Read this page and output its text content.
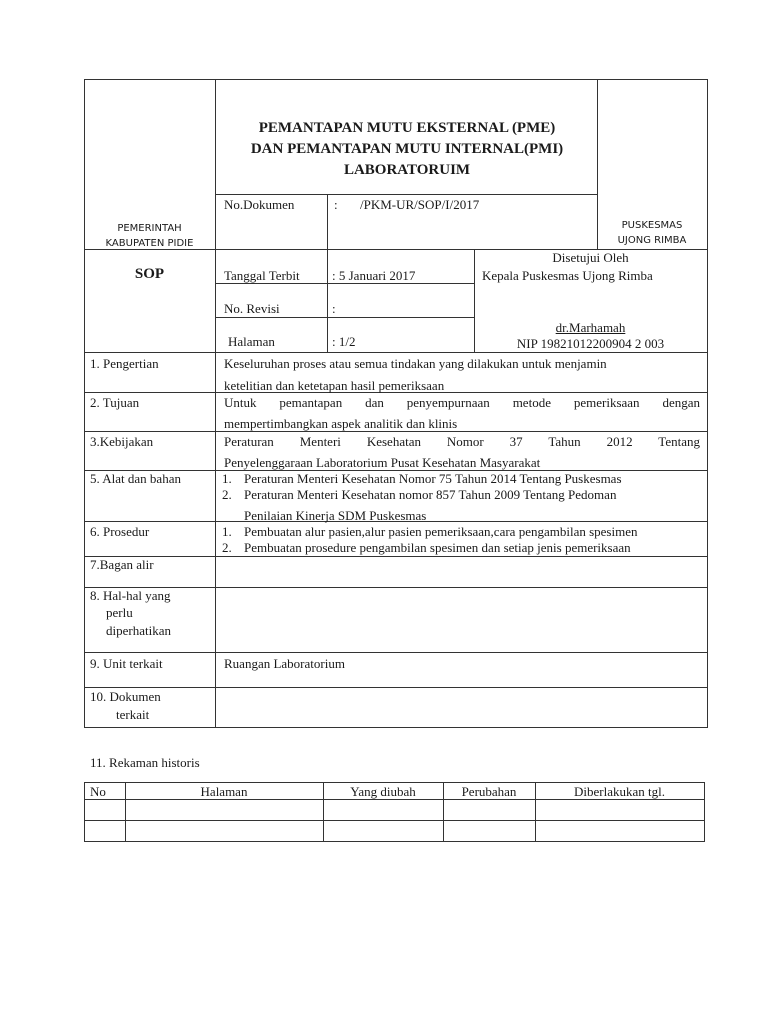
PEMANTAPAN MUTU EKSTERNAL (PME)
DAN PEMANTAPAN MUTU INTERNAL(PMI)
LABORATORUIM
PEMERINTAH
KABUPATEN PIDIE
PUSKESMAS
UJONG RIMBA
No.Dokumen	: /PKM-UR/SOP/I/2017
SOP	Tanggal Terbit : 5 Januari 2017
No. Revisi	:
Halaman	: 1/2
Disetujui Oleh
Kepala Puskesmas Ujong Rimba
dr.Marhamah
NIP 19821012200904 2 003
1. Pengertian	Keseluruhan proses atau semua tindakan yang dilakukan untuk menjamin
ketelitian dan ketetapan hasil pemeriksaan
2. Tujuan	Untuk pemantapan dan penyempurnaan metode pemeriksaan dengan
mempertimbangkan aspek analitik dan klinis
3.Kebijakan	Peraturan Menteri Kesehatan Nomor 37 Tahun 2012 Tentang
Penyelenggaraan Laboratorium Pusat Kesehatan Masyarakat
5. Alat dan bahan	1. Peraturan Menteri Kesehatan Nomor 75 Tahun 2014 Tentang Puskesmas
2. Peraturan Menteri Kesehatan nomor 857 Tahun 2009 Tentang Pedoman
Penilaian Kinerja SDM Puskesmas
6. Prosedur	1. Pembuatan alur pasien,alur pasien pemeriksaan,cara pengambilan spesimen
2. Pembuatan prosedure pengambilan spesimen dan setiap jenis pemeriksaan
7.Bagan alir
8. Hal-hal yang
perlu
diperhatikan
9. Unit terkait	Ruangan Laboratorium
10. Dokumen
terkait
11. Rekaman historis
No	Halaman	Yang diubah	Perubahan	Diberlakukan tgl.
